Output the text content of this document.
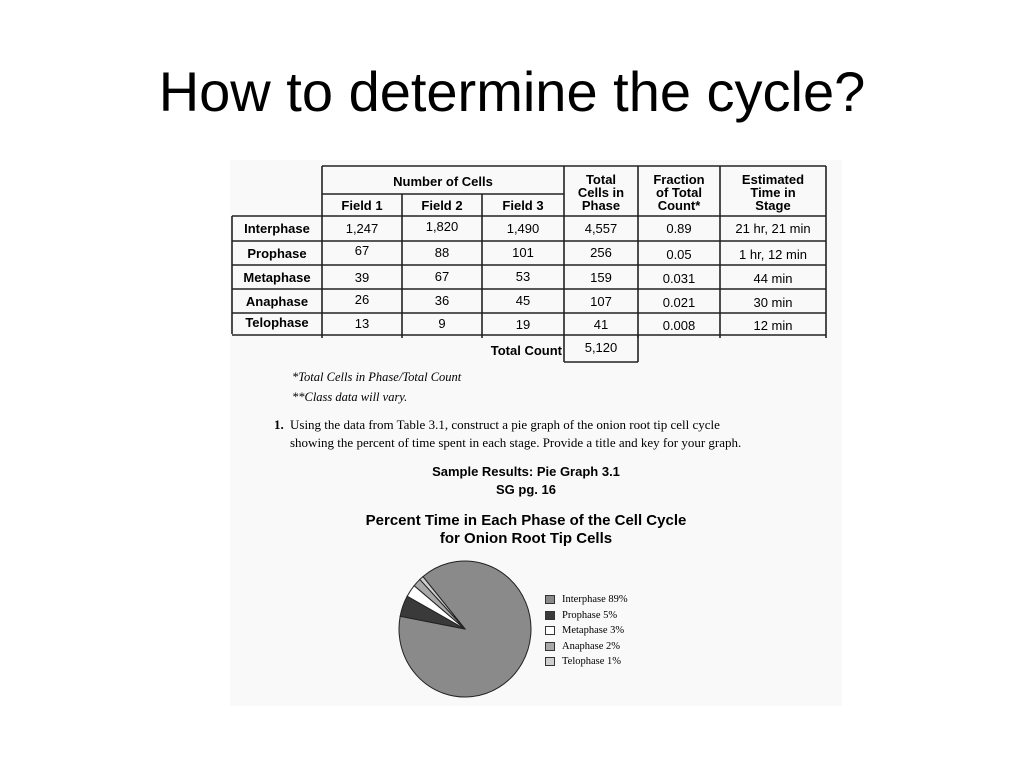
How to determine the cycle?
Number of Cells
Field 1	Field 2	Field 3
Total
Cells in
Phase
Fraction
of Total
Count*
Estimated
Time in
Stage
Interphase	1,247	1,820	1,490	4,557	0.89	21 hr, 21 min
Prophase	67	88	101	256	0.05	1 hr, 12 min
Metaphase	39	67	53	159	0.031	44 min
Anaphase	26	36	45	107	0.021	30 min
Telophase	13	9	19	41	0.008	12 min
Total Count	5,120
*Total Cells in Phase/Total Count
**Class data will vary.
1. Using the data from Table 3.1, construct a pie graph of the onion root tip cell cycle
showing the percent of time spent in each stage. Provide a title and key for your graph.
Sample Results: Pie Graph 3.1
SG pg. 16
Percent Time in Each Phase of the Cell Cycle
for Onion Root Tip Cells
Interphase 89%
Prophase 5%
Metaphase 3%
Anaphase 2%
Telophase 1%
